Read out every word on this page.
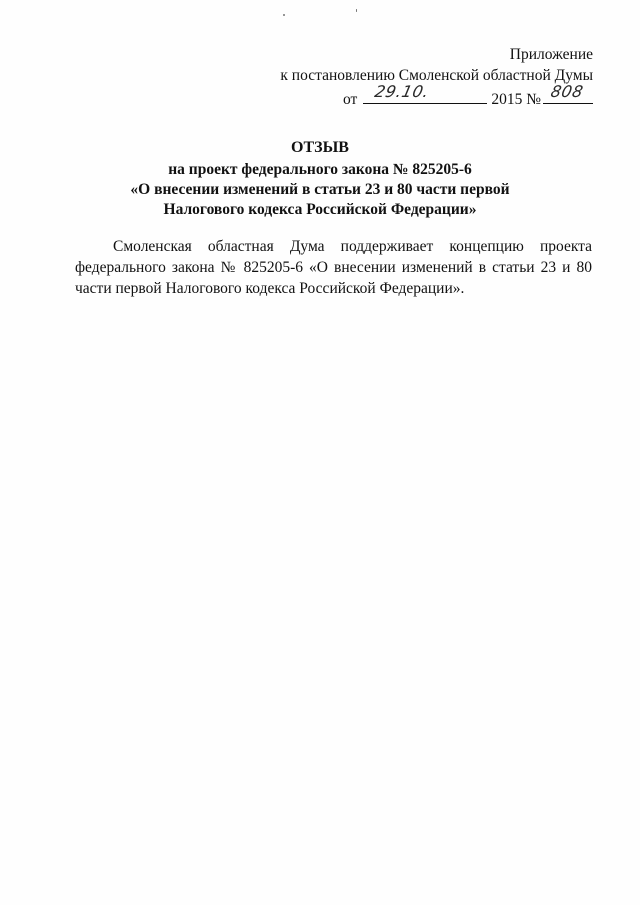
Приложение
к постановлению Смоленской областной Думы
от 29.10.	2015 № 808
ОТЗЫВ
на проект федерального закона № 825205-6
«О внесении изменений в статьи 23 и 80 части первой
Налогового кодекса Российской Федерации»

Смоленская областная Дума поддерживает концепцию проекта федерального закона № 825205-6 «О внесении изменений в статьи 23 и 80 части первой Налогового кодекса Российской Федерации».
